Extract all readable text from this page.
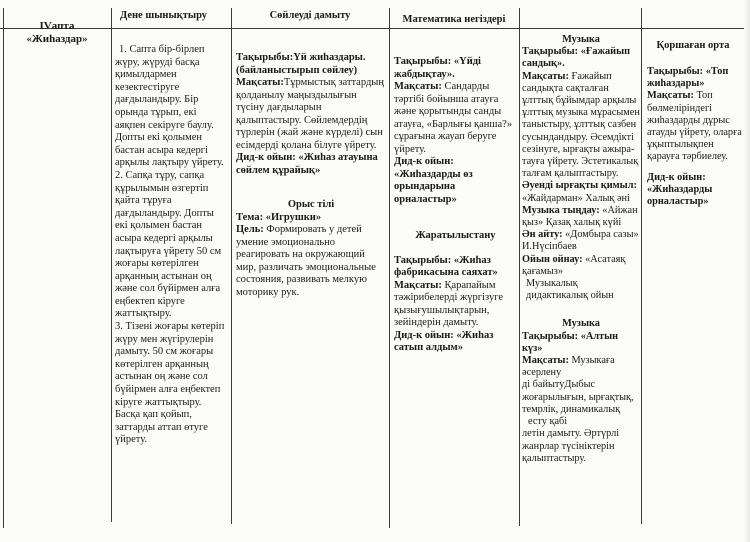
IVапта
«Жиһаздар»
Дене шынықтыру

1. Сапта бір-бірлеп жүру, жүруді басқа қимылдармен кезектестіруге дағдыландыру. Бір орында тұрып, екі аяқпен секіруге баулу. Допты екі қолымен бастан асыра кедергі арқылы лақтыру үйрету.

2. Сапқа тұру, сапқа құрылымын өзгертіп қайта тұруға дағдыландыру. Допты екі қолымен бастан асыра кедергі арқылы лақтыруға үйрету 50 см жоғары көтерілген арқанның астынан оң және сол бүйірмен алға еңбектеп кіруге жаттықтыру.

3. Тізені жоғары көтеріп жүру мен жүгірулерін дамыту. 50 см жоғары көтерілген арқанның астынан оң және сол бүйірмен алға еңбектеп кіруге жаттықтыру. Басқа қап қойып, заттарды аттап өтуге үйрету.

Сөйлеуді дамыту
Тақырыбы:Үй жиһаздары. (байланыстырып сөйлеу)
Мақсаты:Тұрмыстық заттардың қолданылу маңыздылығын түсіну дағдыларын қалыптастыру. Сөйлемдердің түрлерін (жай және күрделі) сын есімдерді қолана білуге үйрету.
Дид-к ойын: «Жиһаз атауына сөйлем құрайық»
Орыс тілі
Тема: «Игрушки»
Цель: Формировать у детей умение эмоционально реагировать на окружающий мир, различать эмоциональные состояния, развивать мелкую моторику рук.
Математика негіздері
Тақырыбы: «Үйді жабдықтау».
Мақсаты: Сандарды тәртібі бойынша атауға және қорытынды санды атауға, «Барлығы қанша?» сұрағына жауап беруге үйрету.
Дид-к ойын: «Жиһаздарды өз орындарына орналастыр»
Жаратылыстану
Тақырыбы: «Жиһаз фабрикасына саяхат»
Мақсаты: Қарапайым тәжірибелерді жүргізуге қызығушылықтарын, зейіндерін дамыту.
Дид-к ойын: «Жиһаз сатып алдым»
Музыка
Тақырыбы: «Ғажайып сандық».
Мақсаты: Ғажайып сандықта сақталған ұлттық бұйымдар арқылы ұлттық музыка мұрасымен таныстыру, ұлттық сазбен сусындандыру. Әсемдікті сезінуге, ырғақты ажыра-тауға үйрету. Эстетикалық талғам қалыптастыру.
Әуенді ырғақты қимыл: «Жайдарман» Халық әні
Музыка тыңдау: «Айжан қыз» Қазақ халық күйі
Ән айту: «Домбыра сазы» И.Нүсіпбаев
Ойын ойнау: «Асатаяқ қағамыз»
Музыкалық дидактикалық ойын
Музыка
Тақырыбы: «Алтын күз»
Мақсаты: Музыкаға әсерлену
ді байытуДыбыс
жоғарылығын, ырғақтық,
темрлік, динамикалық
есту қабі
летін дамыту. Әртүрлі
жанрлар түсініктерін
қалыптастыру.
Қоршаған орта
Тақырыбы: «Топ жиһаздары»
Мақсаты: Топ бөлмеліріндегі жиһаздарды дұрыс атауды үйрету, оларға ұқыптылықпен қарауға тәрбиелеу.
Дид-к ойын: «Жиһаздарды орналастыр»
